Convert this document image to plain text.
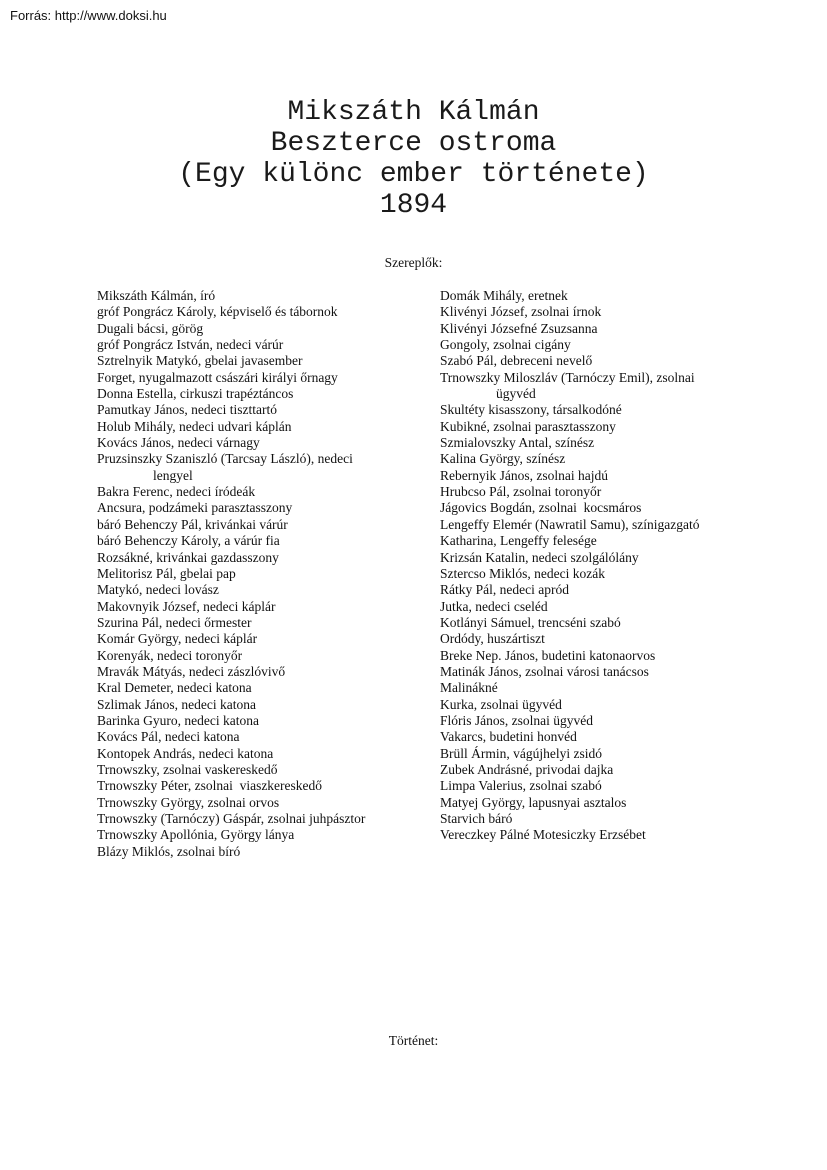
Forrás: http://www.doksi.hu
Mikszáth Kálmán
Beszterce ostroma
(Egy különc ember története)
1894
Szereplők:
Mikszáth Kálmán, író
gróf Pongrácz Károly, képviselő és tábornok
Dugali bácsi, görög
gróf Pongrácz István, nedeci várúr
Sztrelnyik Matykó, gbelai javasember
Forget, nyugalmazott császári királyi őrnagy
Donna Estella, cirkuszi trapéztáncos
Pamutkay János, nedeci tiszttartó
Holub Mihály, nedeci udvari káplán
Kovács János, nedeci várnagy
Pruzsinszky Szaniszló (Tarcsay László), nedeci
lengyel
Bakra Ferenc, nedeci íródeák
Ancsura, podzámeki parasztasszony
báró Behenczy Pál, krivánkai várúr
báró Behenczy Károly, a várúr fia
Rozsákné, krivánkai gazdasszony
Melitorisz Pál, gbelai pap
Matykó, nedeci lovász
Makovnyik József, nedeci káplár
Szurina Pál, nedeci őrmester
Komár György, nedeci káplár
Korenyák, nedeci toronyőr
Mravák Mátyás, nedeci zászlóvivő
Kral Demeter, nedeci katona
Szlimak János, nedeci katona
Barinka Gyuro, nedeci katona
Kovács Pál, nedeci katona
Kontopek András, nedeci katona
Trnowszky, zsolnai vaskereskedő
Trnowszky Péter, zsolnai  viaszkereskedő
Trnowszky György, zsolnai orvos
Trnowszky (Tarnóczy) Gáspár, zsolnai juhpásztor
Trnowszky Apollónia, György lánya
Blázy Miklós, zsolnai bíró
Domák Mihály, eretnek
Klivényi József, zsolnai írnok
Klivényi Józsefné Zsuzsanna
Gongoly, zsolnai cigány
Szabó Pál, debreceni nevelő
Trnowszky Miloszláv (Tarnóczy Emil), zsolnai
ügyvéd
Skultéty kisasszony, társalkodóné
Kubikné, zsolnai parasztasszony
Szmialovszky Antal, színész
Kalina György, színész
Rebernyik János, zsolnai hajdú
Hrubcso Pál, zsolnai toronyőr
Jágovics Bogdán, zsolnai  kocsmáros
Lengeffy Elemér (Nawratil Samu), színigazgató
Katharina, Lengeffy felesége
Krizsán Katalin, nedeci szolgálólány
Sztercso Miklós, nedeci kozák
Rátky Pál, nedeci apród
Jutka, nedeci cseléd
Kotlányi Sámuel, trencséni szabó
Ordódy, huszártiszt
Breke Nep. János, budetini katonaorvos
Matinák János, zsolnai városi tanácsos
Malinákné
Kurka, zsolnai ügyvéd
Flóris János, zsolnai ügyvéd
Vakarcs, budetini honvéd
Brüll Ármin, vágújhelyi zsidó
Zubek Andrásné, privodai dajka
Limpa Valerius, zsolnai szabó
Matyej György, lapusnyai asztalos
Starvich báró
Vereczkey Pálné Motesiczky Erzsébet
Történet:
